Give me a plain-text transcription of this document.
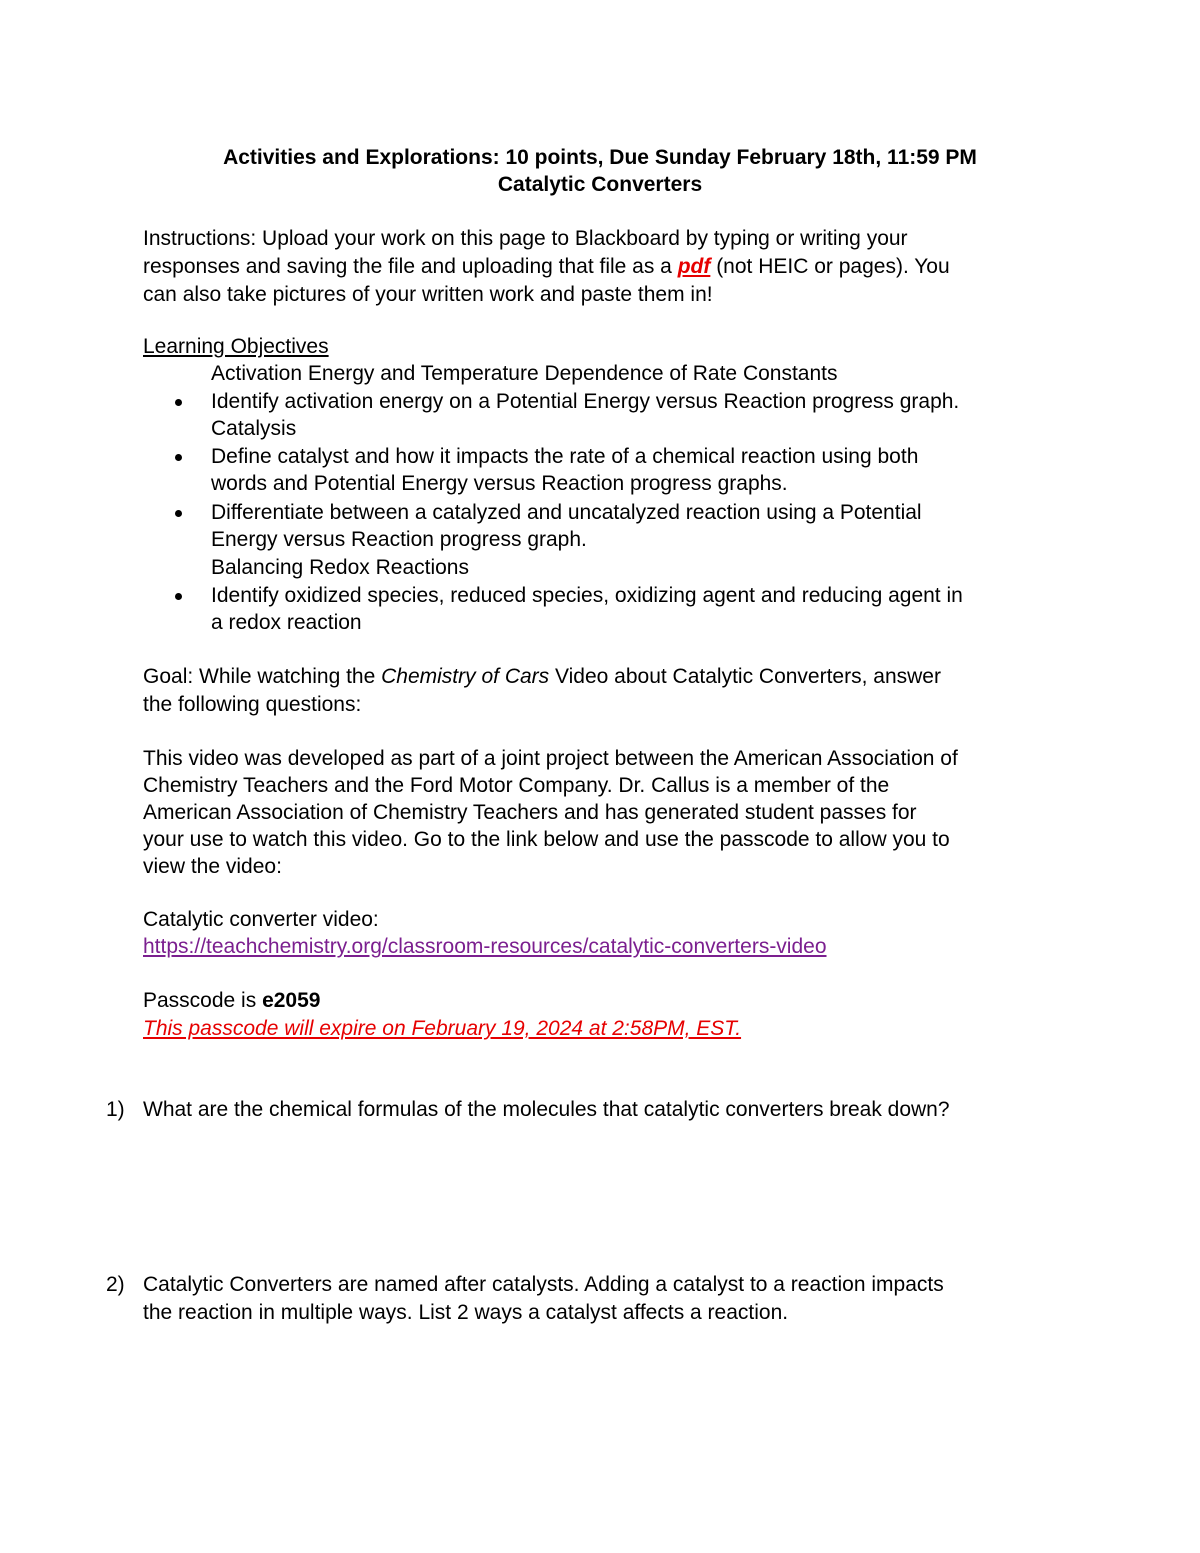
Activities and Explorations: 10 points, Due Sunday February 18th, 11:59 PM
Catalytic Converters
Instructions: Upload your work on this page to Blackboard by typing or writing your
responses and saving the file and uploading that file as a pdf (not HEIC or pages). You
can also take pictures of your written work and paste them in!
Learning Objectives
Activation Energy and Temperature Dependence of Rate Constants
Identify activation energy on a Potential Energy versus Reaction progress graph.
Catalysis
Define catalyst and how it impacts the rate of a chemical reaction using both
words and Potential Energy versus Reaction progress graphs.
Differentiate between a catalyzed and uncatalyzed reaction using a Potential
Energy versus Reaction progress graph.
Balancing Redox Reactions
Identify oxidized species, reduced species, oxidizing agent and reducing agent in
a redox reaction
Goal: While watching the Chemistry of Cars Video about Catalytic Converters, answer
the following questions:
This video was developed as part of a joint project between the American Association of
Chemistry Teachers and the Ford Motor Company. Dr. Callus is a member of the
American Association of Chemistry Teachers and has generated student passes for
your use to watch this video. Go to the link below and use the passcode to allow you to
view the video:
Catalytic converter video:
https://teachchemistry.org/classroom-resources/catalytic-converters-video
Passcode is e2059
This passcode will expire on February 19, 2024 at 2:58PM, EST.
1) What are the chemical formulas of the molecules that catalytic converters break down?
2) Catalytic Converters are named after catalysts. Adding a catalyst to a reaction impacts
the reaction in multiple ways. List 2 ways a catalyst affects a reaction.
